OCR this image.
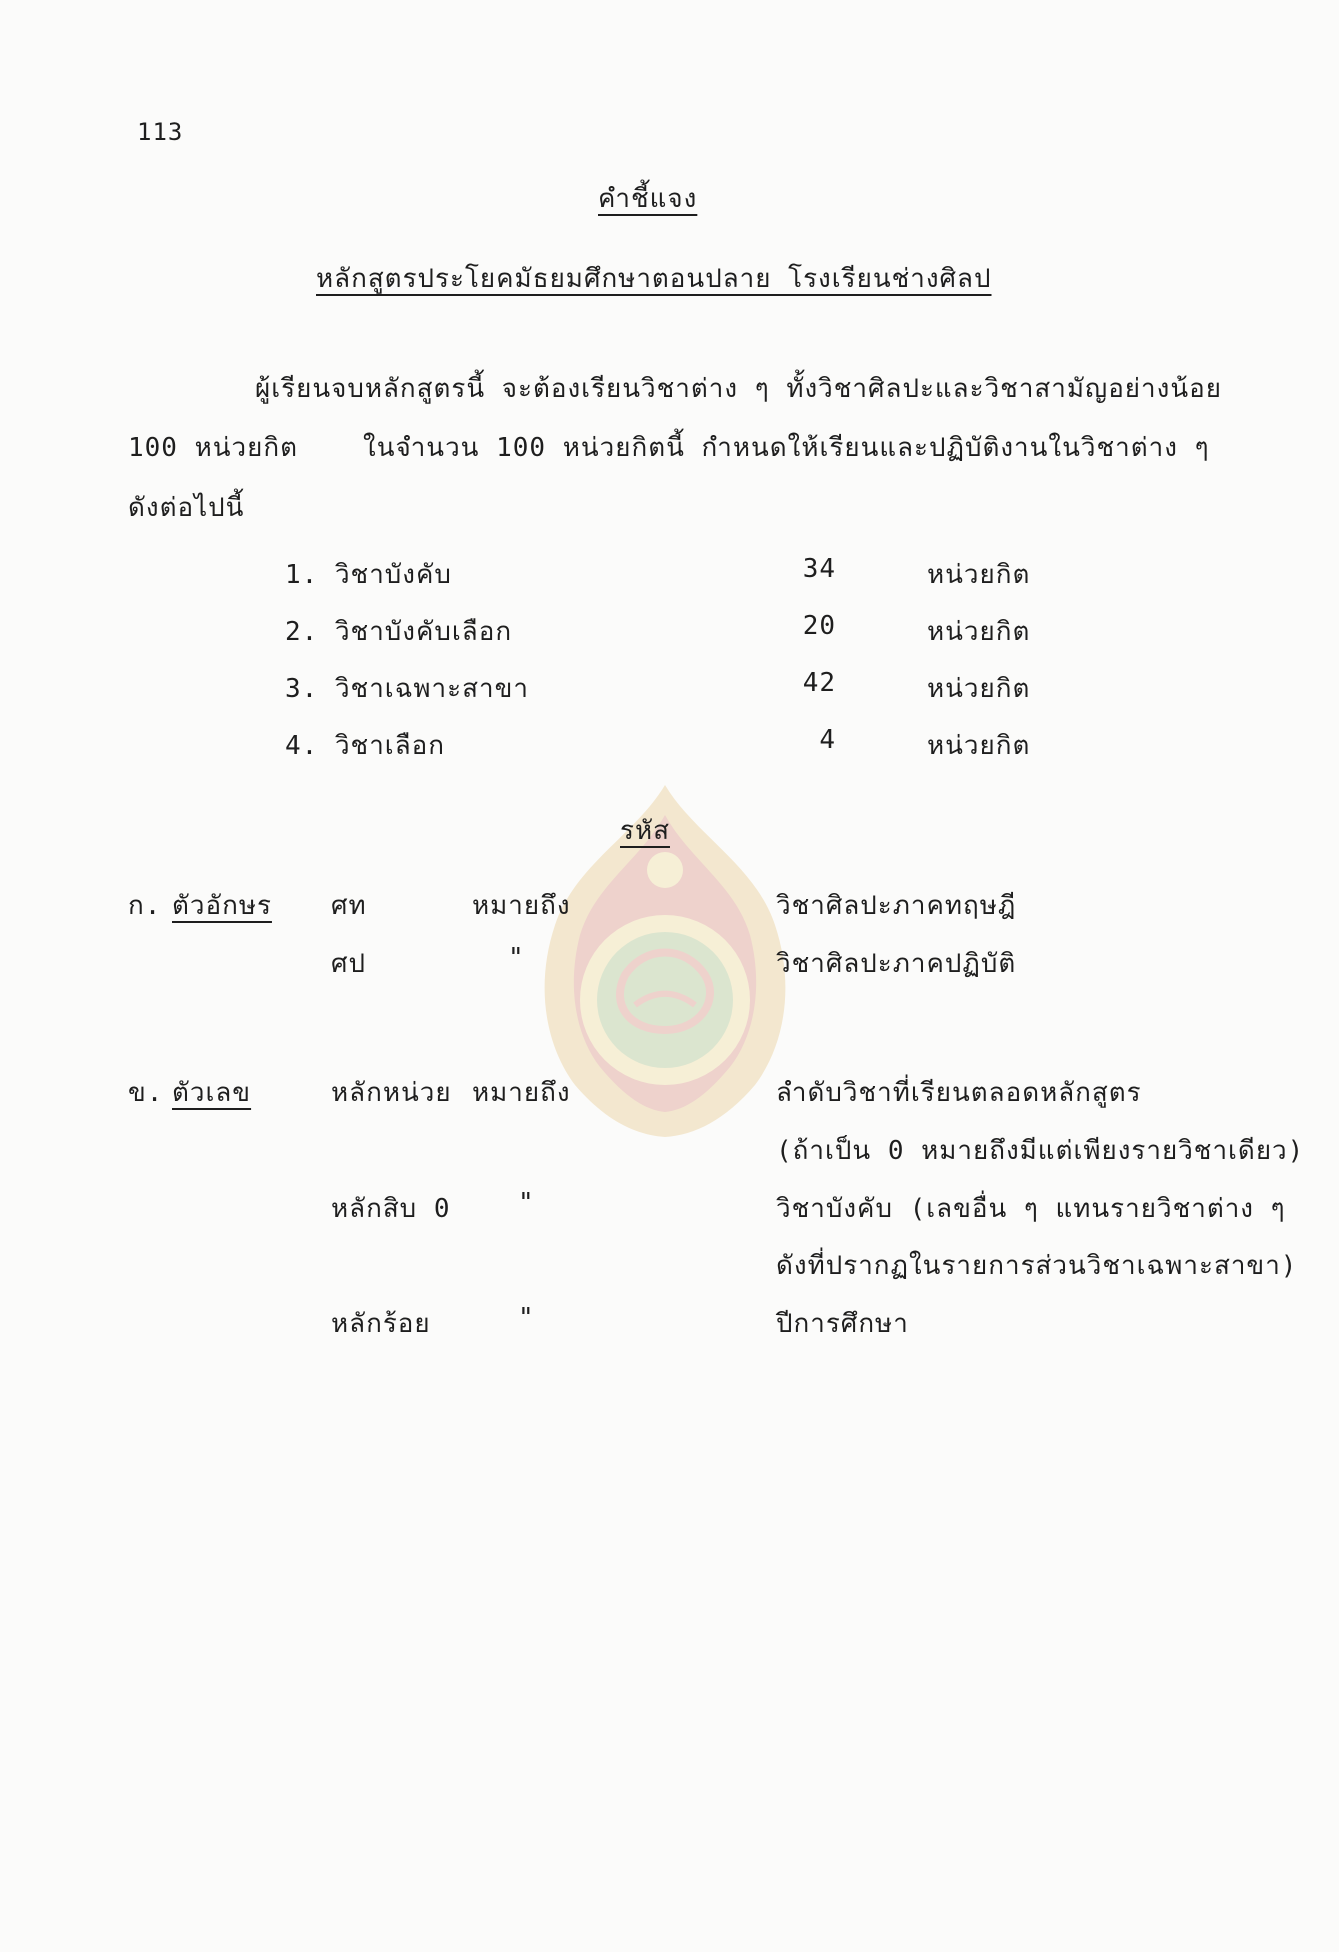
113
คำชี้แจง
หลักสูตรประโยคมัธยมศึกษาตอนปลาย โรงเรียนช่างศิลป
ผู้เรียนจบหลักสูตรนี้ จะต้องเรียนวิชาต่าง ๆ ทั้งวิชาศิลปะและวิชาสามัญอย่างน้อย
100 หน่วยกิต	ในจำนวน 100 หน่วยกิตนี้ กำหนดให้เรียนและปฏิบัติงานในวิชาต่าง ๆ
ดังต่อไปนี้
1. วิชาบังคับ	34	หน่วยกิต
2. วิชาบังคับเลือก	20	หน่วยกิต
3. วิชาเฉพาะสาขา	42	หน่วยกิต
4. วิชาเลือก	4	หน่วยกิต
รหัส
ก. ตัวอักษร ศท	หมายถึง	วิชาศิลปะภาคทฤษฎี
ศป	"	วิชาศิลปะภาคปฏิบัติ
ข. ตัวเลข	หลักหน่วย หมายถึง	ลำดับวิชาที่เรียนตลอดหลักสูตร
(ถ้าเป็น 0 หมายถึงมีแต่เพียงรายวิชาเดียว)
หลักสิบ 0	"	วิชาบังคับ (เลขอื่น ๆ แทนรายวิชาต่าง ๆ
ดังที่ปรากฏในรายการส่วนวิชาเฉพาะสาขา)
หลักร้อย	"	ปีการศึกษา
